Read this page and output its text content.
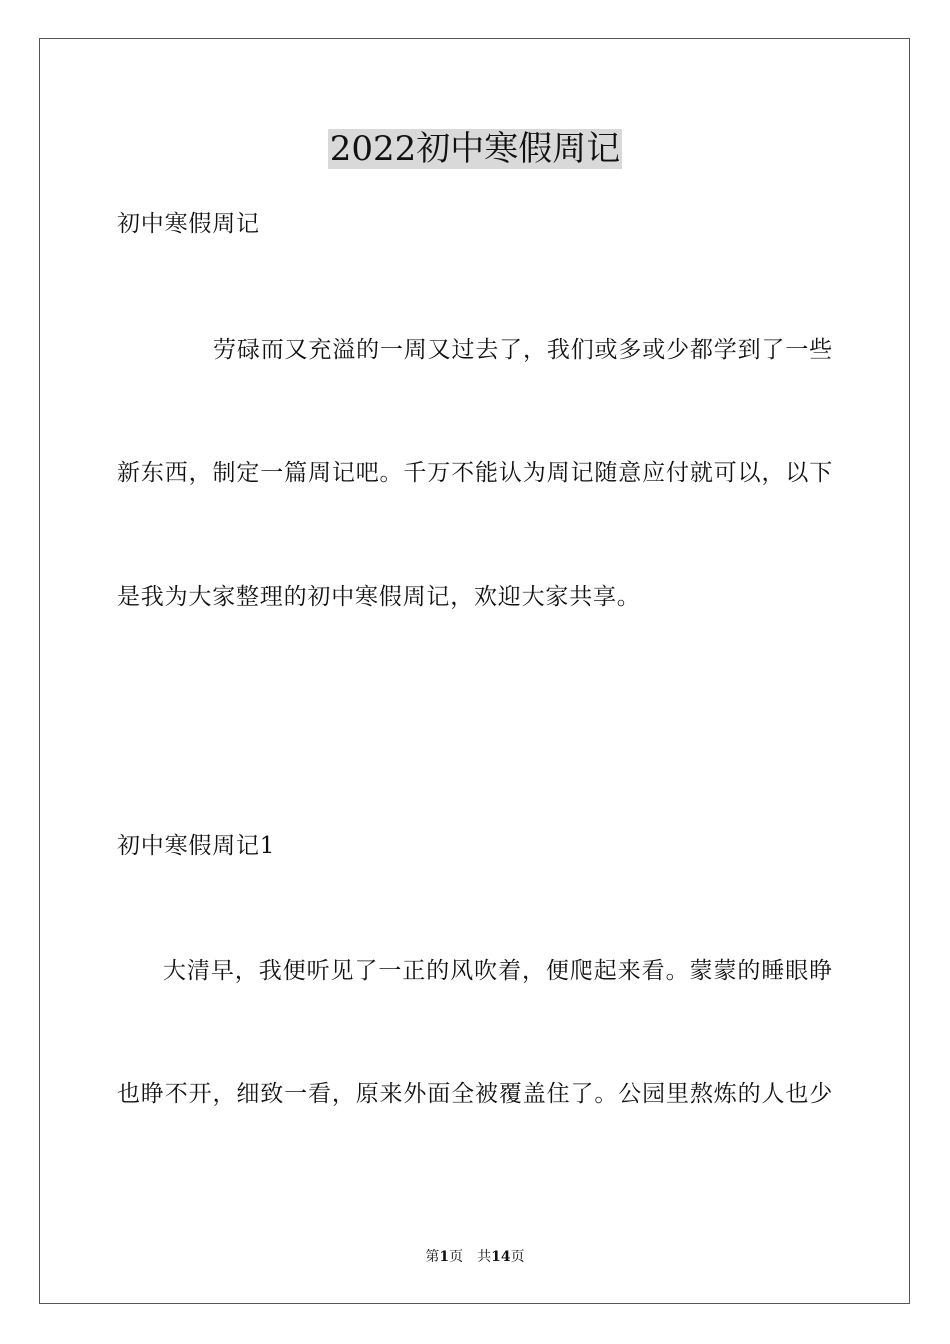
2022初中寒假周记

初中寒假周记

劳碌而又充溢的一周又过去了，我们或多或少都学到了一些

新东西，制定一篇周记吧。千万不能认为周记随意应付就可以，以下

是我为大家整理的初中寒假周记，欢迎大家共享。

初中寒假周记1

大清早，我便听见了一正的风吹着，便爬起来看。蒙蒙的睡眼睁

也睁不开，细致一看，原来外面全被覆盖住了。公园里熬炼的人也少

第1页　共14页
